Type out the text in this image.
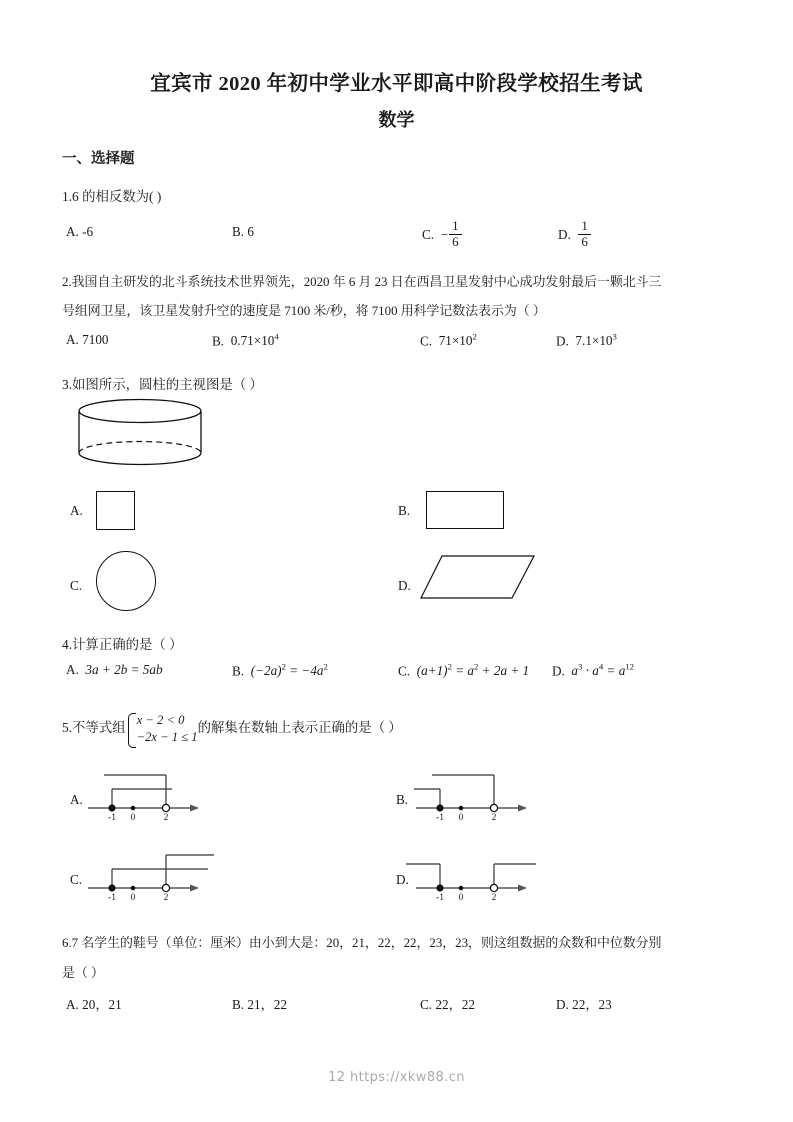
宜宾市 2020 年初中学业水平即高中阶段学校招生考试
数学
一、选择题
1.6 的相反数为( )
A. -6	B. 6	C.  − $\frac{1}{6}$	D. $\frac{1}{6}$
2.我国自主研发的北斗系统技术世界领先，2020 年 6 月 23 日在西昌卫星发射中心成功发射最后一颗北斗三
号组网卫星，该卫星发射升空的速度是 7100 米/秒，将 7100 用科学记数法表示为（ ）
A. 7100	B. $0.71\times 10^4$	C. $71\times 10^2$	D. $7.1\times 10^3$
3.如图所示，圆柱的主视图是（ ）
A.	B.
C.	D.
4.计算正确的是（ ）
A.  3a + 2b = 5ab	B.  $(-2a)^2 = -4a^2$	C.  $(a+1)^2 = a^2 + 2a + 1$ D.  $a^3 \cdot a^4 = a^{12}$
5.不等式组x − 2 < 0
−2x − 1 ≤ 1的解集在数轴上表示正确的是（ ）
A.
-1 0	2
B.
-1 0	2
C.
-1 0	2
D.
-1 0	2
6.7 名学生的鞋号（单位：厘米）由小到大是：20，21，22，22，23，23，则这组数据的众数和中位数分别
是（ ）
A. 20，21	B. 21，22	C. 22，22	D. 22，23
12 https://xkw88.cn
